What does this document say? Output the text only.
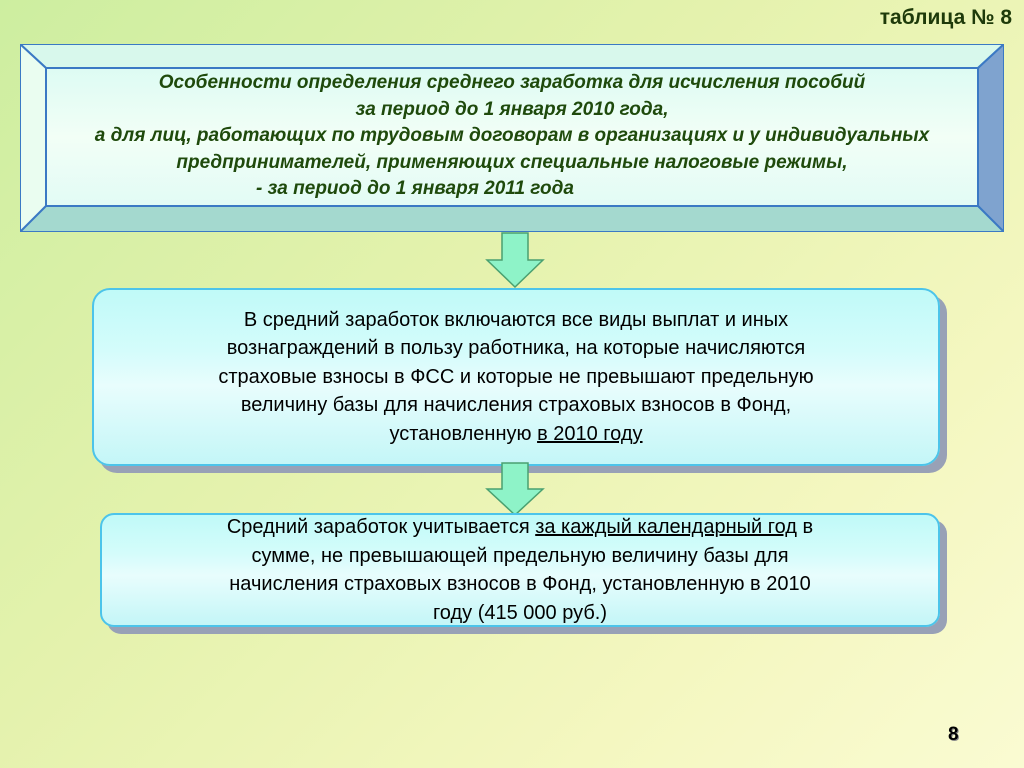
таблица № 8
Особенности определения среднего заработка для исчисления пособий
за период до 1 января 2010 года,
а для лиц, работающих по трудовым договорам в организациях и у индивидуальных
предпринимателей, применяющих специальные налоговые режимы,
- за период до 1 января 2011 года
В средний заработок включаются все виды выплат и иных
вознаграждений в пользу работника, на которые начисляются
страховые взносы в ФСС и которые не превышают предельную
величину базы для начисления страховых взносов в Фонд,
установленную в 2010 году
Средний заработок учитывается за каждый календарный год в
сумме, не превышающей предельную величину базы для
начисления страховых взносов в Фонд, установленную в 2010
году (415 000 руб.)
8
